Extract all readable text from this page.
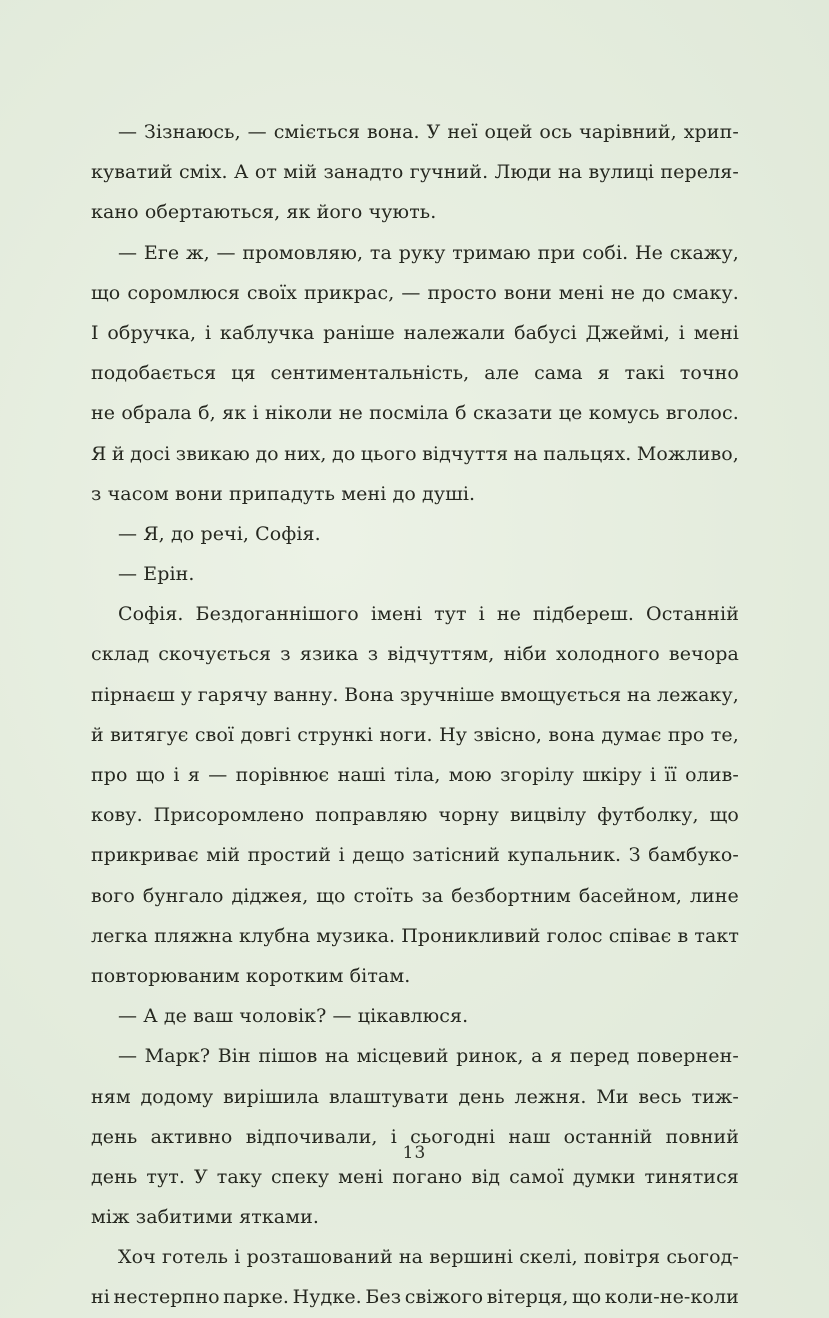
— Зізнаюсь, — сміється вона. У неї оцей ось чарівний, хрип-
куватий сміх. А от мій занадто гучний. Люди на вулиці переля-
кано обертаються, як його чують.
— Еге ж, — промовляю, та руку тримаю при собі. Не скажу,
що соромлюся своїх прикрас, — просто вони мені не до смаку.
І обручка, і каблучка раніше належали бабусі Джеймі, і мені
подобається ця сентиментальність, але сама я такі точно
не обрала б, як і ніколи не посміла б сказати це комусь вголос.
Я й досі звикаю до них, до цього відчуття на пальцях. Можливо,
з часом вони припадуть мені до душі.
— Я, до речі, Софія.
— Ерін.
Софія. Бездоганнішого імені тут і не підбереш. Останній
склад скочується з язика з відчуттям, ніби холодного вечора
пірнаєш у гарячу ванну. Вона зручніше вмощується на лежаку,
й витягує свої довгі стрункі ноги. Ну звісно, вона думає про те,
про що і я — порівнює наші тіла, мою згорілу шкіру і її олив-
кову. Присоромлено поправляю чорну вицвілу футболку, що
прикриває мій простий і дещо затісний купальник. З бамбуко-
вого бунгало діджея, що стоїть за безбортним басейном, лине
легка пляжна клубна музика. Проникливий голос співає в такт
повторюваним коротким бітам.
— А де ваш чоловік? — цікавлюся.
— Марк? Він пішов на місцевий ринок, а я перед повернен-
ням додому вирішила влаштувати день лежня. Ми весь тиж-
день активно відпочивали, і сьогодні наш останній повний
день тут. У таку спеку мені погано від самої думки тинятися
між забитими ятками.
Хоч готель і розташований на вершині скелі, повітря сьогод-
ні нестерпно парке. Нудке. Без свіжого вітерця, що коли-не-коли
13
